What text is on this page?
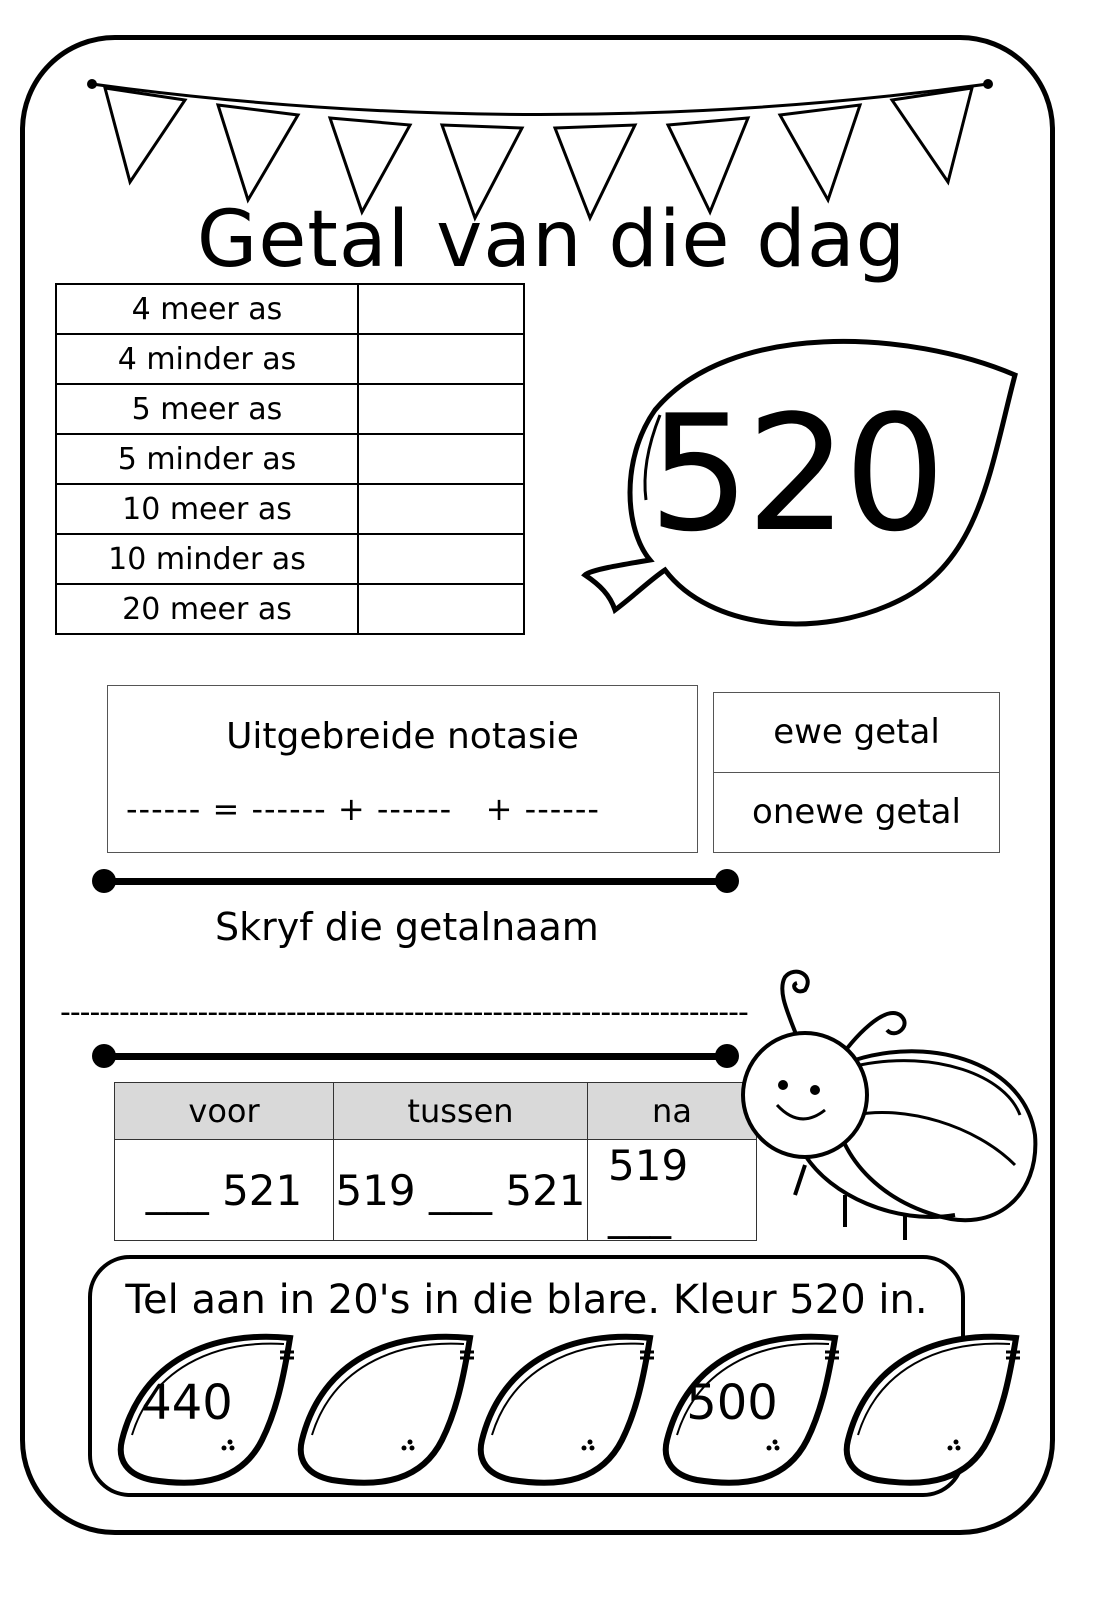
Getal van die dag
4 meer as	
4 minder as	
5 meer as	
5 minder as	
10 meer as	
10 minder as	
20 meer as	
520
Uitgebreide notasie
------ = ------ + ------   + ------
ewe getal
onewe getal
Skryf die getalnaam
----------------------------------------------------------------------
voor	tussen	na
___ 521	519 ___ 521	519 ___
Tel aan in 20's in die blare. Kleur 520 in.
440	500
